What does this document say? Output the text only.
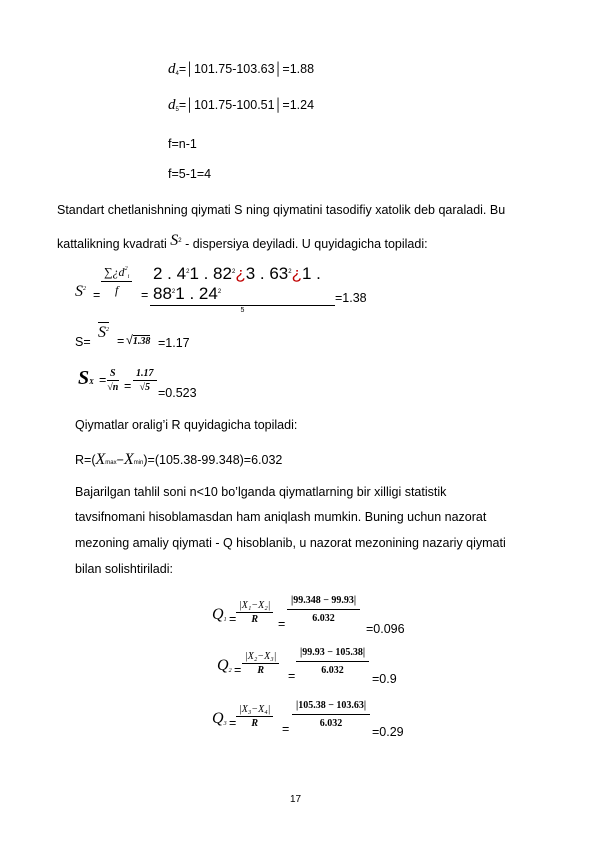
$d_4=│101.75-103.63│=1.88$
$d_5=│101.75-100.51│=1.24$
f=n-1
f=5-1=4
Standart chetlanishning qiymati S ning qiymatini tasodifiy xatolik deb qaraladi. Bu
kattalikning kvadrati $S^2$ - dispersiya deyiladi. U quyidagicha topiladi:
$S^2 = \frac{\sum¿d^2_i}{f}$ =
2 . $4^21$ . $82^2¿3$ . $63^2¿1$ . $88^21$ . $24^2$
5
=1.38
S=
$S^2$
= √1.38 =1.17
SX = $\frac{S}{√n} = \frac{1.17}{√5} =0.523$
Qiymatlar oralig’i R quyidagicha topiladi:
R=(Xmax−Xmin)=(105.38-99.348)=6.032
Bajarilgan tahlil soni n<10 bo’lganda qiymatlarning bir xilligi statistik
tavsifnomani hisoblamasdan ham aniqlash mumkin. Buning uchun nazorat
mezoning amaliy qiymati - Q hisoblanib, u nazorat mezonining nazariy qiymati
bilan solishtiriladi:
$Q_1 = \frac{\text{|X₁−X₂|}}{R} = \frac{|99.348 - 99.93|}{6.032}$
=0.096
$Q_2 = \frac{\text{|X₂−X₃|}}{R} = \frac{|99.93 - 105.38|}{6.032}$
=0.9
$Q_3 = \frac{\text{|X₃−X₄|}}{R} = \frac{|105.38 - 103.63|}{6.032}$
=0.29
17
